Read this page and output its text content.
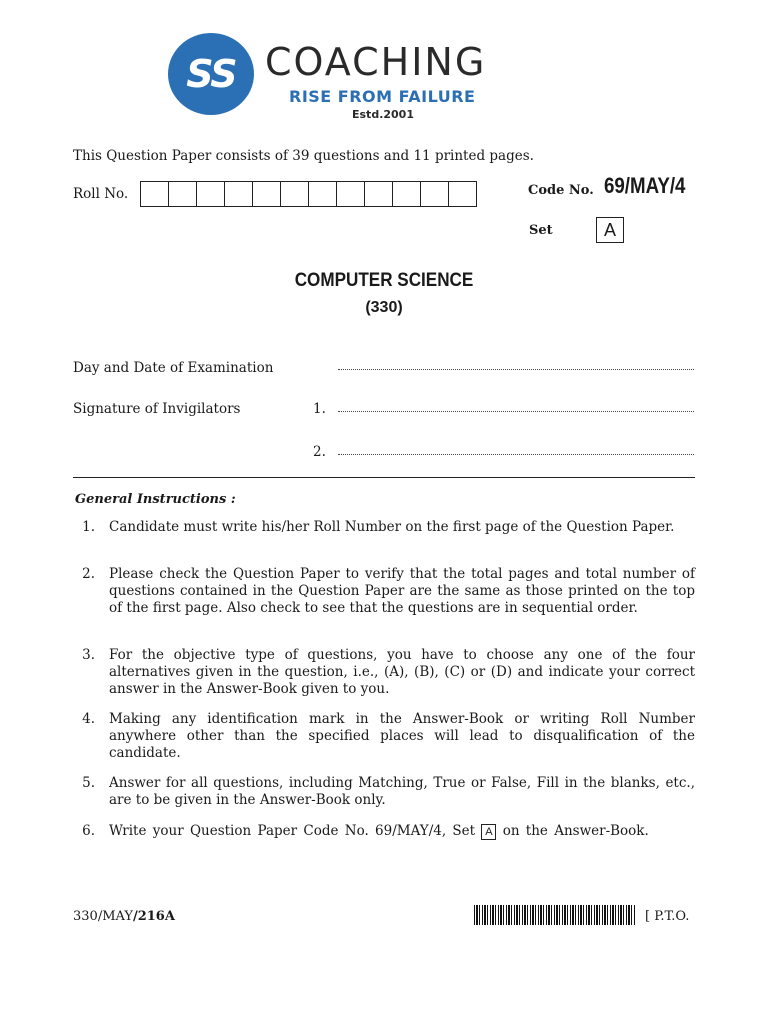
SS COACHING
RISE FROM FAILURE
Estd.2001
This Question Paper consists of 39 questions and 11 printed pages.
Roll No.	Code No. 69/MAY/4
Set	A
COMPUTER SCIENCE
(330)
Day and Date of Examination
Signature of Invigilators	1.
2.
General Instructions :
1. Candidate must write his/her Roll Number on the first page of the Question Paper.
2. Please check the Question Paper to verify that the total pages and total number of questions contained in the Question Paper are the same as those printed on the top of the first page. Also check to see that the questions are in sequential order.
3. For the objective type of questions, you have to choose any one of the four alternatives given in the question, i.e., (A), (B), (C) or (D) and indicate your correct answer in the Answer-Book given to you.
4. Making any identification mark in the Answer-Book or writing Roll Number anywhere other than the specified places will lead to disqualification of the candidate.
5. Answer for all questions, including Matching, True or False, Fill in the blanks, etc., are to be given in the Answer-Book only.
6. Write your Question Paper Code No. 69/MAY/4, Set A on the Answer-Book.
330/MAY/216A	[ P.T.O.
